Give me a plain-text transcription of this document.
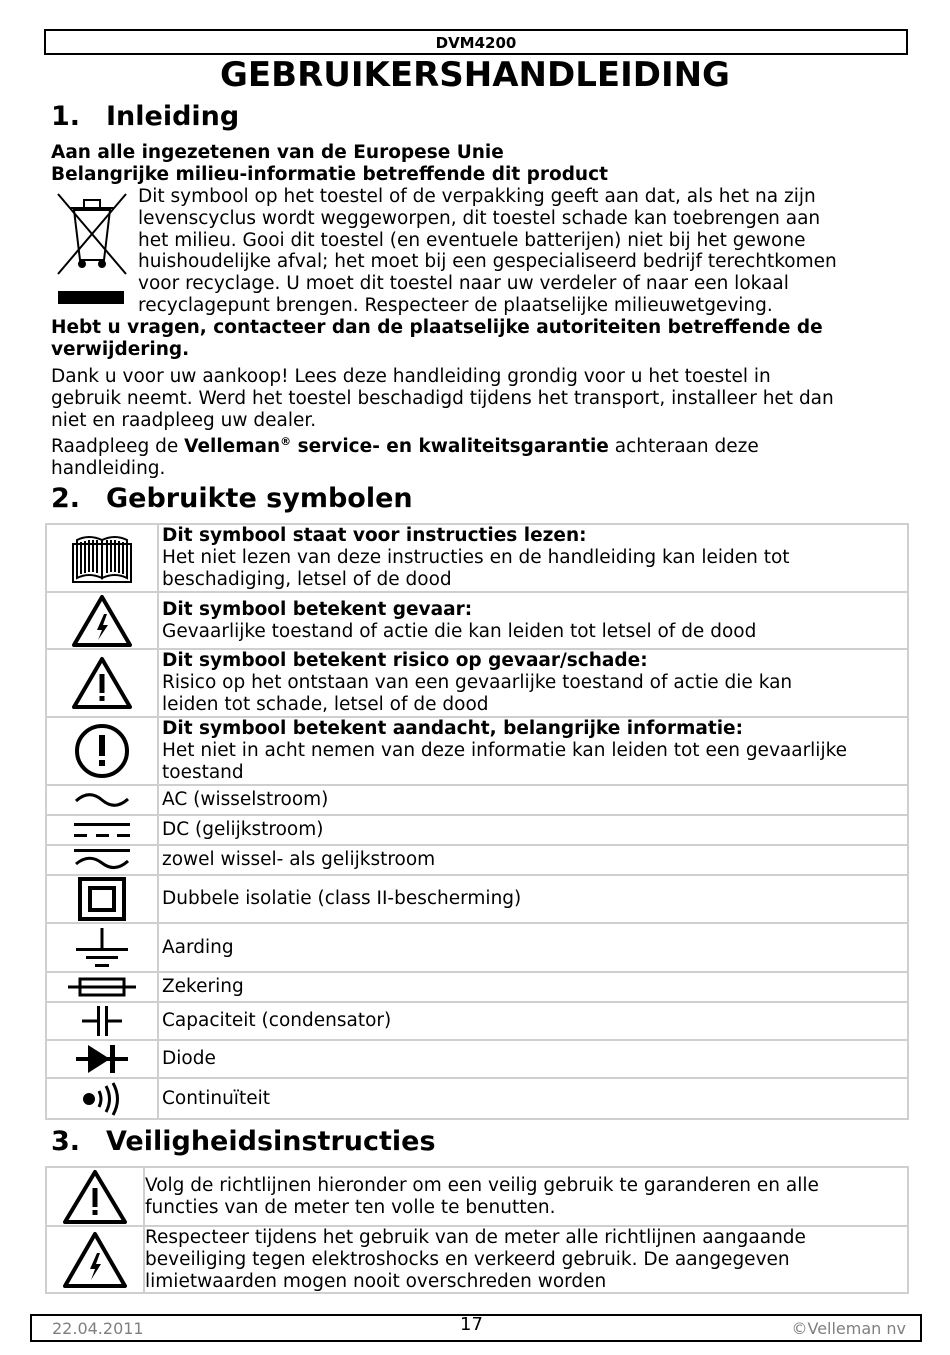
DVM4200
GEBRUIKERSHANDLEIDING
1. Inleiding
Aan alle ingezetenen van de Europese Unie
Belangrijke milieu-informatie betreffende dit product
Dit symbool op het toestel of de verpakking geeft aan dat, als het na zijn
levenscyclus wordt weggeworpen, dit toestel schade kan toebrengen aan
het milieu. Gooi dit toestel (en eventuele batterijen) niet bij het gewone
huishoudelijke afval; het moet bij een gespecialiseerd bedrijf terechtkomen
voor recyclage. U moet dit toestel naar uw verdeler of naar een lokaal
recyclagepunt brengen. Respecteer de plaatselijke milieuwetgeving.
Hebt u vragen, contacteer dan de plaatselijke autoriteiten betreffende de
verwijdering.
Dank u voor uw aankoop! Lees deze handleiding grondig voor u het toestel in
gebruik neemt. Werd het toestel beschadigd tijdens het transport, installeer het dan
niet en raadpleeg uw dealer.
Raadpleeg de Velleman® service- en kwaliteitsgarantie achteraan deze
handleiding.
2. Gebruikte symbolen

Dit symbool staat voor instructies lezen:
Het niet lezen van deze instructies en de handleiding kan leiden tot
beschadiging, letsel of de dood

Dit symbool betekent gevaar:
Gevaarlijke toestand of actie die kan leiden tot letsel of de dood

Dit symbool betekent risico op gevaar/schade:
Risico op het ontstaan van een gevaarlijke toestand of actie die kan
leiden tot schade, letsel of de dood

Dit symbool betekent aandacht, belangrijke informatie:
Het niet in acht nemen van deze informatie kan leiden tot een gevaarlijke
toestand

	AC (wisselstroom)

	DC (gelijkstroom)

	zowel wissel- als gelijkstroom

	Dubbele isolatie (class II-bescherming)

	Aarding

	Zekering

	Capaciteit (condensator)

	Diode

	Continuïteit
3. Veiligheidsinstructies

Volg de richtlijnen hieronder om een veilig gebruik te garanderen en alle
functies van de meter ten volle te benutten.

Respecteer tijdens het gebruik van de meter alle richtlijnen aangaande
beveiliging tegen elektroshocks en verkeerd gebruik. De aangegeven
limietwaarden mogen nooit overschreden worden
22.04.2011	17	©Velleman nv
